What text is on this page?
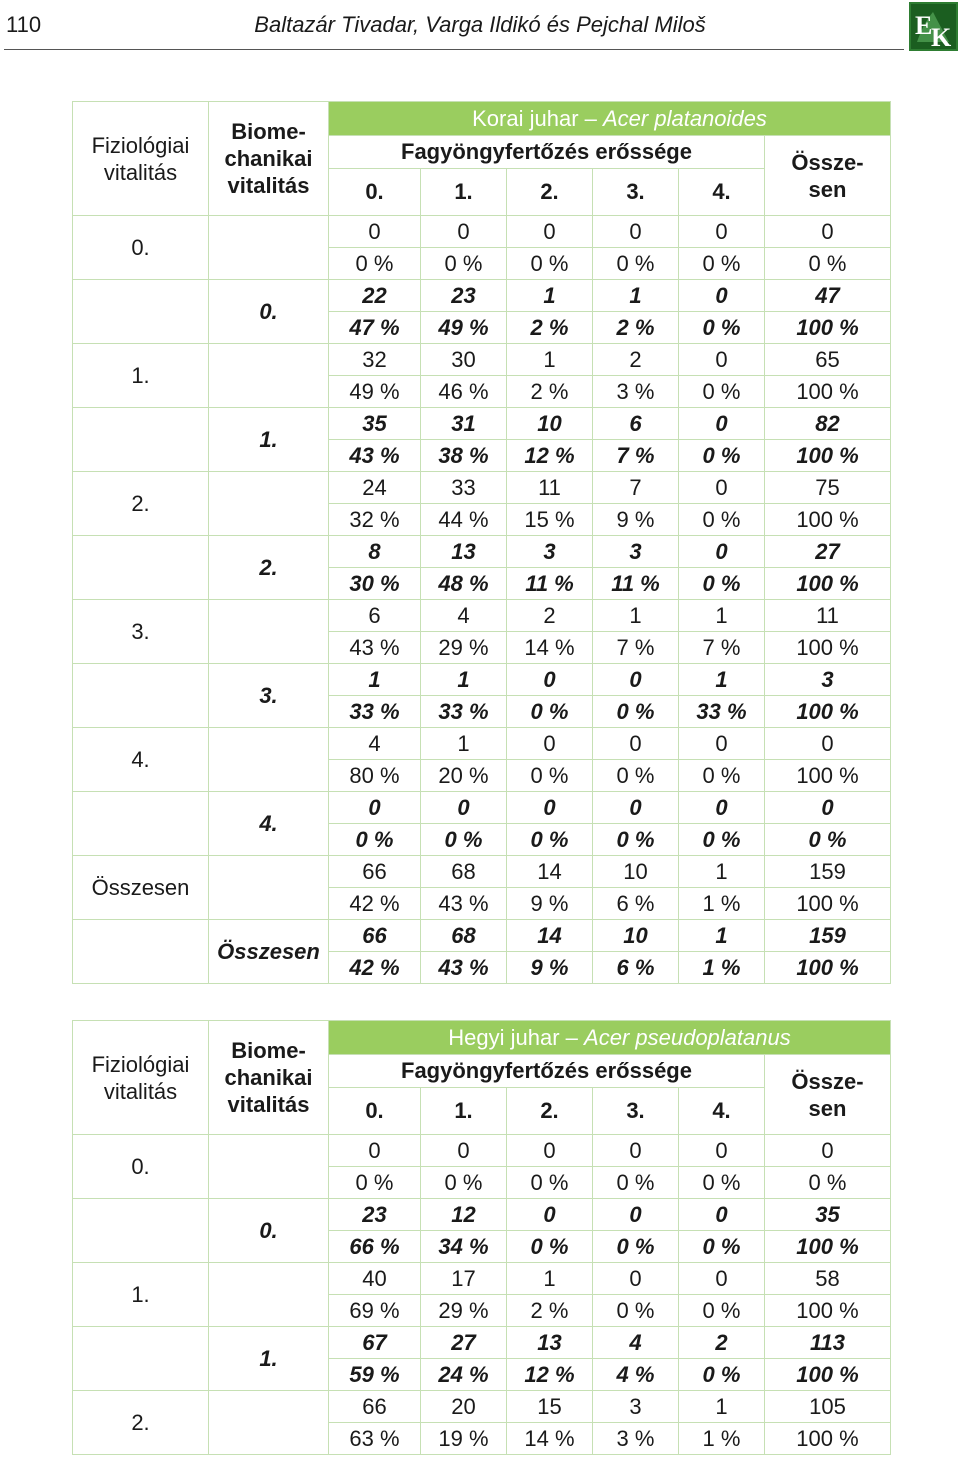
110	Baltazár Tivadar, Varga Ildikó és Pejchal Miloš	E
K
Fiziológiai
vitalitás	Biome-
chanikai
vitalitás	Korai juhar – Acer platanoides					
		Fagyöngyfertőzés erőssége					Össze-
sen
		0.	1.	2.	3.	4.	
0.		0	0	0	0	0	0
		0 %	0 %	0 %	0 %	0 %	0 %
	0.	22	23	1	1	0	47
		47 %	49 %	2 %	2 %	0 %	100 %
1.		32	30	1	2	0	65
		49 %	46 %	2 %	3 %	0 %	100 %
	1.	35	31	10	6	0	82
		43 %	38 %	12 %	7 %	0 %	100 %
2.		24	33	11	7	0	75
		32 %	44 %	15 %	9 %	0 %	100 %
	2.	8	13	3	3	0	27
		30 %	48 %	11 %	11 %	0 %	100 %
3.		6	4	2	1	1	11
		43 %	29 %	14 %	7 %	7 %	100 %
	3.	1	1	0	0	1	3
		33 %	33 %	0 %	0 %	33 %	100 %
4.		4	1	0	0	0	0
		80 %	20 %	0 %	0 %	0 %	100 %
	4.	0	0	0	0	0	0
		0 %	0 %	0 %	0 %	0 %	0 %
Összesen		66	68	14	10	1	159
		42 %	43 %	9 %	6 %	1 %	100 %
	Összesen	66	68	14	10	1	159
		42 %	43 %	9 %	6 %	1 %	100 %
Fiziológiai
vitalitás	Biome-
chanikai
vitalitás	Hegyi juhar – Acer pseudoplatanus					
		Fagyöngyfertőzés erőssége					Össze-
sen
		0.	1.	2.	3.	4.	
0.		0	0	0	0	0	0
		0 %	0 %	0 %	0 %	0 %	0 %
	0.	23	12	0	0	0	35
		66 %	34 %	0 %	0 %	0 %	100 %
1.		40	17	1	0	0	58
		69 %	29 %	2 %	0 %	0 %	100 %
	1.	67	27	13	4	2	113
		59 %	24 %	12 %	4 %	0 %	100 %
2.		66	20	15	3	1	105
		63 %	19 %	14 %	3 %	1 %	100 %
